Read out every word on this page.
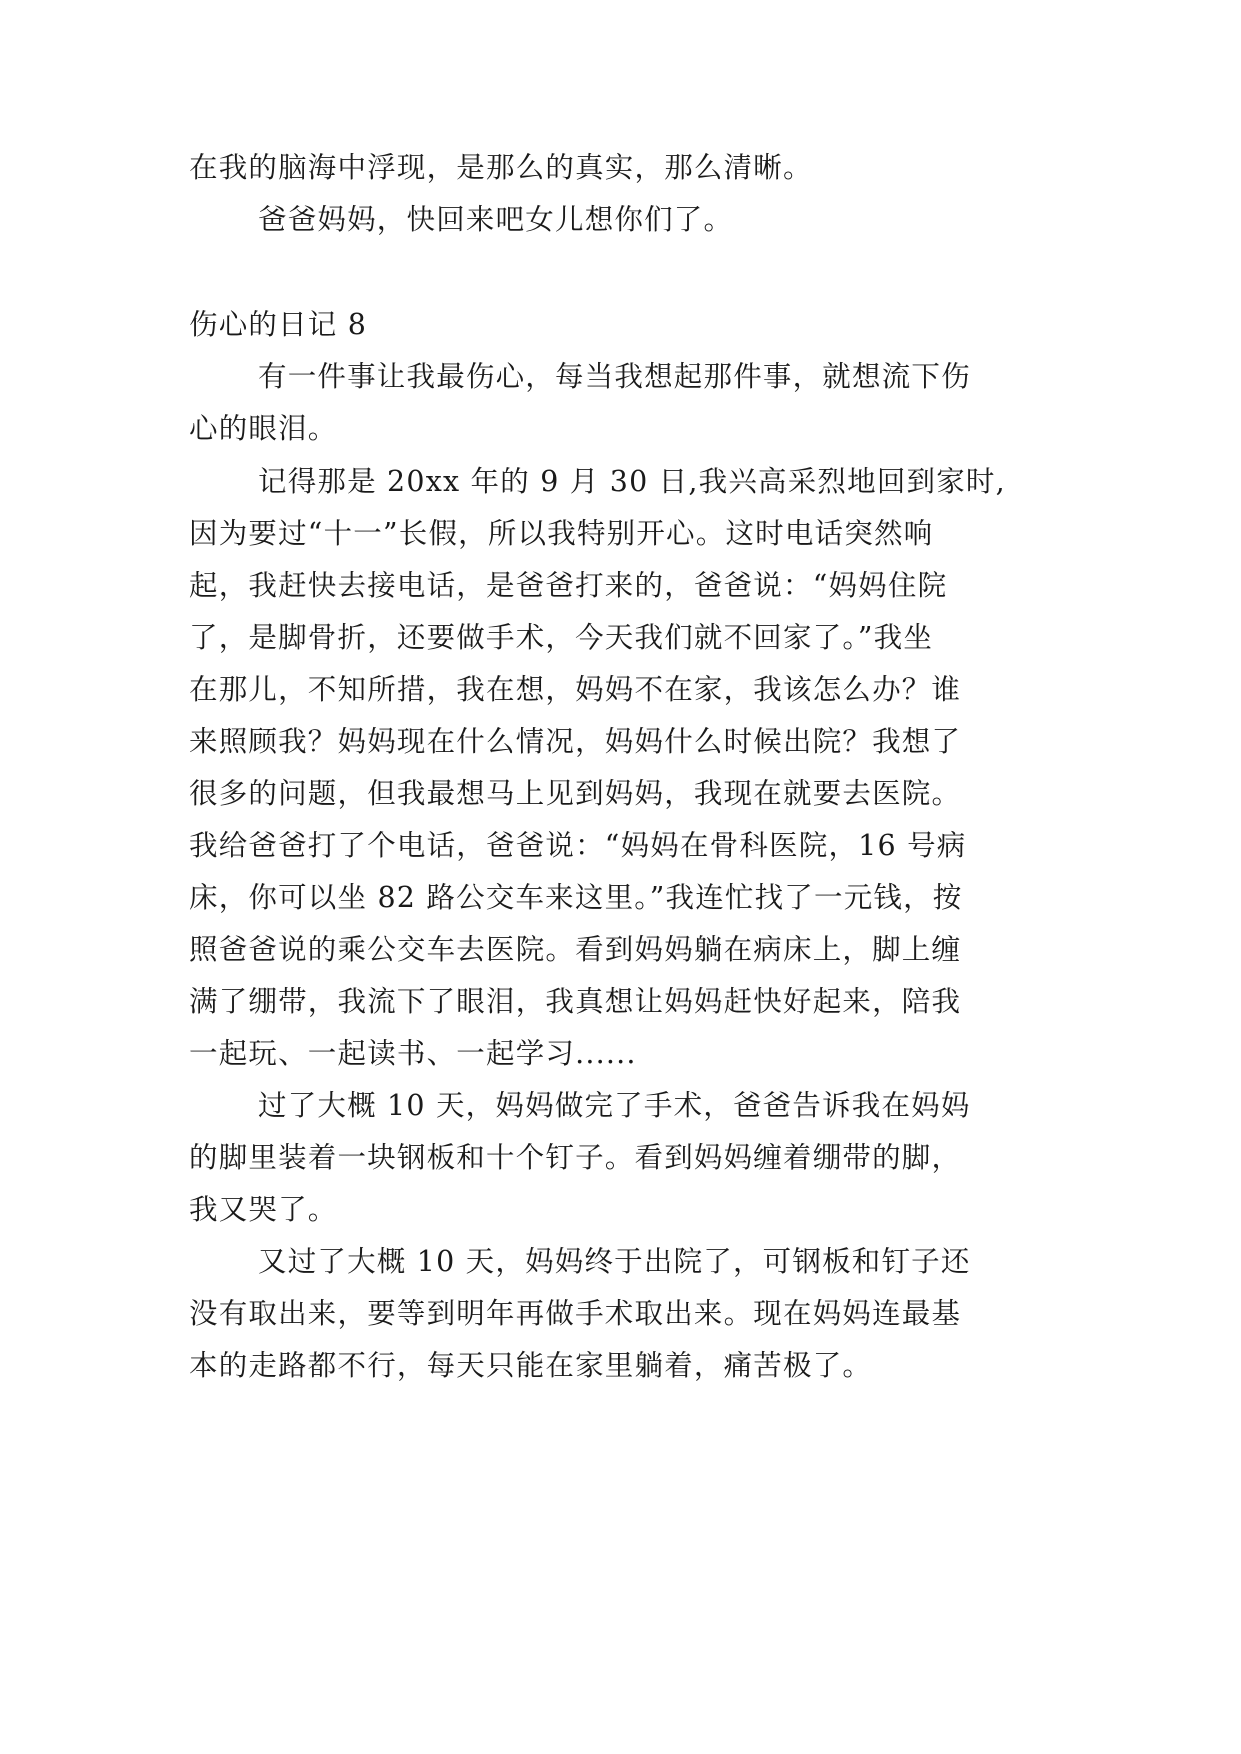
在我的脑海中浮现，是那么的真实，那么清晰。
爸爸妈妈，快回来吧女儿想你们了。
伤心的日记 8
有一件事让我最伤心，每当我想起那件事，就想流下伤
心的眼泪。
记得那是 20xx 年的 9 月 30 日,我兴高采烈地回到家时,
因为要过“十一”长假，所以我特别开心。这时电话突然响
起，我赶快去接电话，是爸爸打来的，爸爸说：“妈妈住院
了，是脚骨折，还要做手术，今天我们就不回家了。”我坐
在那儿，不知所措，我在想，妈妈不在家，我该怎么办？谁
来照顾我？妈妈现在什么情况，妈妈什么时候出院？我想了
很多的问题，但我最想马上见到妈妈，我现在就要去医院。
我给爸爸打了个电话，爸爸说：“妈妈在骨科医院，16 号病
床，你可以坐 82 路公交车来这里。”我连忙找了一元钱，按
照爸爸说的乘公交车去医院。看到妈妈躺在病床上，脚上缠
满了绷带，我流下了眼泪，我真想让妈妈赶快好起来，陪我
一起玩、一起读书、一起学习......
过了大概 10 天，妈妈做完了手术，爸爸告诉我在妈妈
的脚里装着一块钢板和十个钉子。看到妈妈缠着绷带的脚，
我又哭了。
又过了大概 10 天，妈妈终于出院了，可钢板和钉子还
没有取出来，要等到明年再做手术取出来。现在妈妈连最基
本的走路都不行，每天只能在家里躺着，痛苦极了。
